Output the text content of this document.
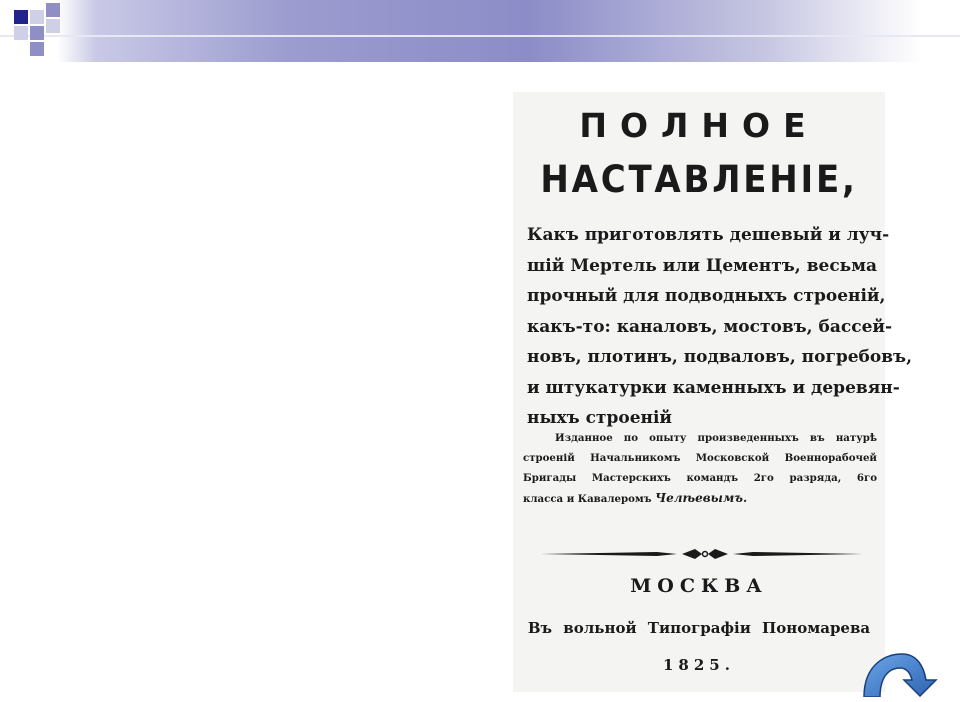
ПОЛНОЕ
НАСТАВЛЕНІЕ,
Какъ приготовлять дешевый и луч-
шій Мертель или Цементъ, весьма
прочный для подводныхъ строеній,
какъ-то: каналовъ, мостовъ, бассей-
новъ, плотинъ, подваловъ, погребовъ,
и штукатурки каменныхъ и деревян-
ныхъ строеній
Изданное по опыту произведенныхъ въ натурѣ
строеній Начальникомъ Московской Военнорабочей
Бригады Мастерскихъ командъ 2го разряда, 6го
класса и Кавалеромъ Челѣевымъ.
МОСКВА
Въ вольной Типографіи Пономарева
1825.
